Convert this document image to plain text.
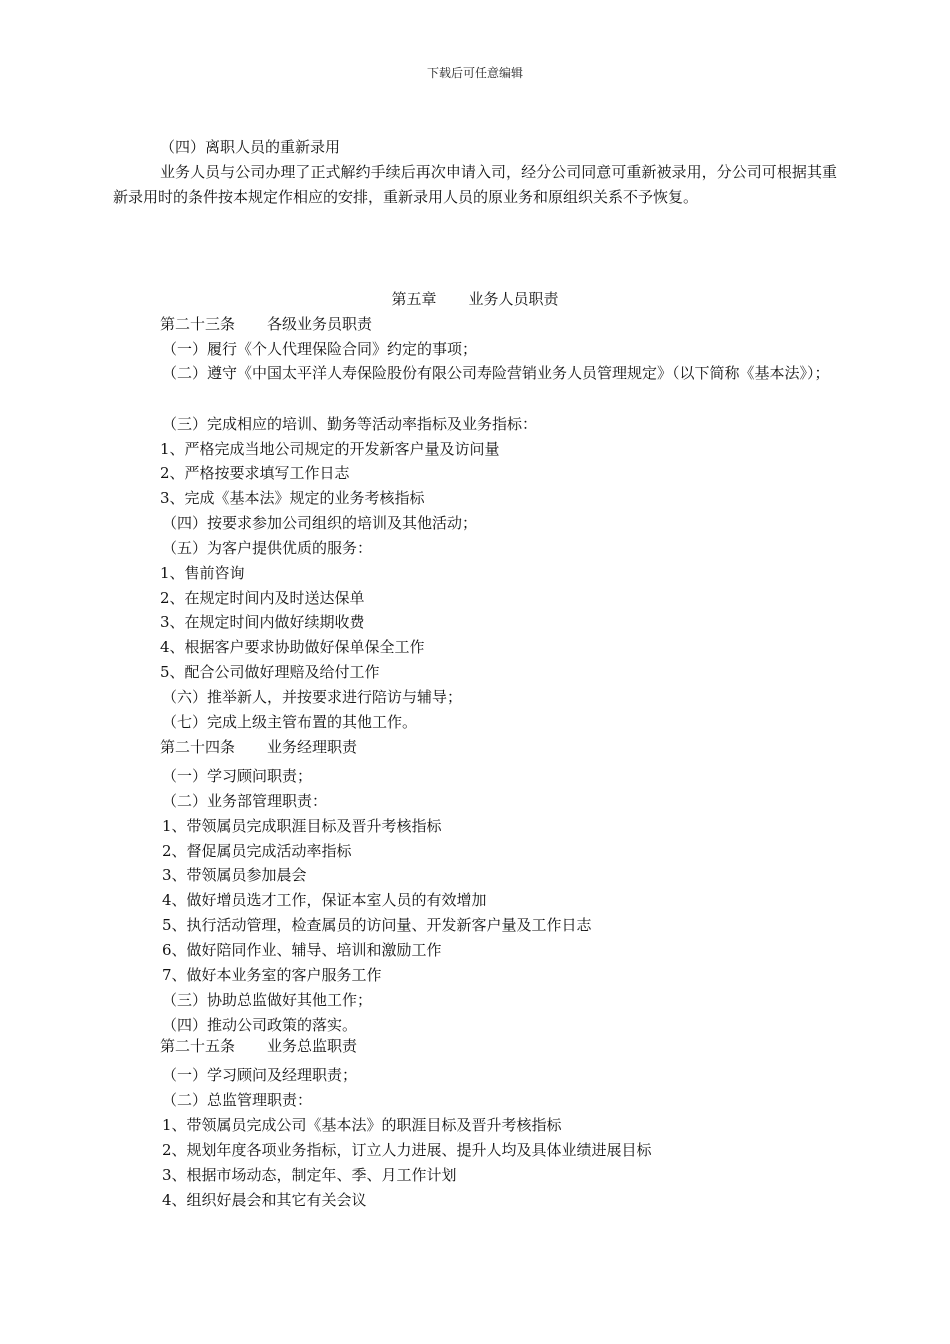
下载后可任意编辑
（四）离职人员的重新录用
业务人员与公司办理了正式解约手续后再次申请入司，经分公司同意可重新被录用，分公司可根据其重新录用时的条件按本规定作相应的安排，重新录用人员的原业务和原组织关系不予恢复。
第五章 业务人员职责
第二十三条 各级业务员职责
（一）履行《个人代理保险合同》约定的事项；
（二）遵守《中国太平洋人寿保险股份有限公司寿险营销业务人员管理规定》（以下简称《基本法》）；
（三）完成相应的培训、勤务等活动率指标及业务指标：
1、严格完成当地公司规定的开发新客户量及访问量
2、严格按要求填写工作日志
3、完成《基本法》规定的业务考核指标
（四）按要求参加公司组织的培训及其他活动；
（五）为客户提供优质的服务：
1、售前咨询
2、在规定时间内及时送达保单
3、在规定时间内做好续期收费
4、根据客户要求协助做好保单保全工作
5、配合公司做好理赔及给付工作
（六）推举新人，并按要求进行陪访与辅导；
（七）完成上级主管布置的其他工作。
第二十四条 业务经理职责
（一）学习顾问职责；
（二）业务部管理职责：
1、带领属员完成职涯目标及晋升考核指标
2、督促属员完成活动率指标
3、带领属员参加晨会
4、做好增员选才工作，保证本室人员的有效增加
5、执行活动管理，检查属员的访问量、开发新客户量及工作日志
6、做好陪同作业、辅导、培训和激励工作
7、做好本业务室的客户服务工作
（三）协助总监做好其他工作；
（四）推动公司政策的落实。
第二十五条 业务总监职责
（一）学习顾问及经理职责；
（二）总监管理职责：
1、带领属员完成公司《基本法》的职涯目标及晋升考核指标
2、规划年度各项业务指标，订立人力进展、提升人均及具体业绩进展目标
3、根据市场动态，制定年、季、月工作计划
4、组织好晨会和其它有关会议
